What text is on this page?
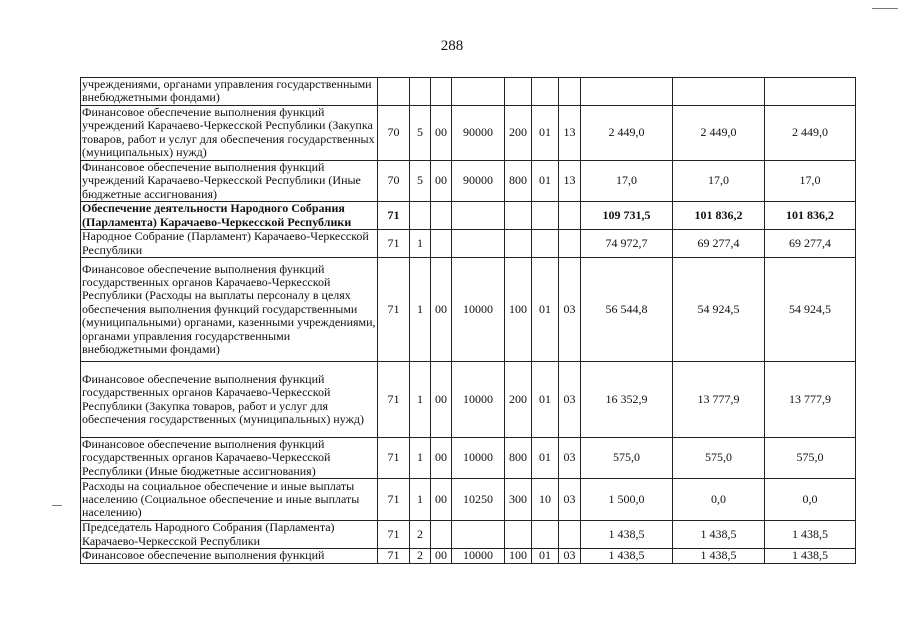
288
учреждениями, органами управления государственными внебюджетными фондами)										
Финансовое обеспечение выполнения функций учреждений Карачаево-Черкесской Республики (Закупка товаров, работ и услуг для обеспечения государственных (муниципальных) нужд)	70	5	00	90000	200	01	13	2 449,0	2 449,0	2 449,0
Финансовое обеспечение выполнения функций учреждений Карачаево-Черкесской Республики (Иные бюджетные ассигнования)	70	5	00	90000	800	01	13	17,0	17,0	17,0
Обеспечение деятельности Народного Собрания (Парламента) Карачаево-Черкесской Республики	71							109 731,5	101 836,2	101 836,2
Народное Собрание (Парламент) Карачаево-Черкесской Республики	71	1						74 972,7	69 277,4	69 277,4
Финансовое обеспечение выполнения функций государственных органов Карачаево-Черкесской Республики (Расходы на выплаты персоналу в целях обеспечения выполнения функций государственными (муниципальными) органами, казенными учреждениями, органами управления государственными внебюджетными фондами)	71	1	00	10000	100	01	03	56 544,8	54 924,5	54 924,5
Финансовое обеспечение выполнения функций государственных органов Карачаево-Черкесской Республики (Закупка товаров, работ и услуг для обеспечения государственных (муниципальных) нужд)	71	1	00	10000	200	01	03	16 352,9	13 777,9	13 777,9
Финансовое обеспечение выполнения функций государственных органов Карачаево-Черкесской Республики (Иные бюджетные ассигнования)	71	1	00	10000	800	01	03	575,0	575,0	575,0
Расходы на социальное обеспечение и иные выплаты населению (Социальное обеспечение и иные выплаты населению)	71	1	00	10250	300	10	03	1 500,0	0,0	0,0
Председатель Народного Собрания (Парламента) Карачаево-Черкесской Республики	71	2						1 438,5	1 438,5	1 438,5
Финансовое обеспечение выполнения функций	71	2	00	10000	100	01	03	1 438,5	1 438,5	1 438,5
